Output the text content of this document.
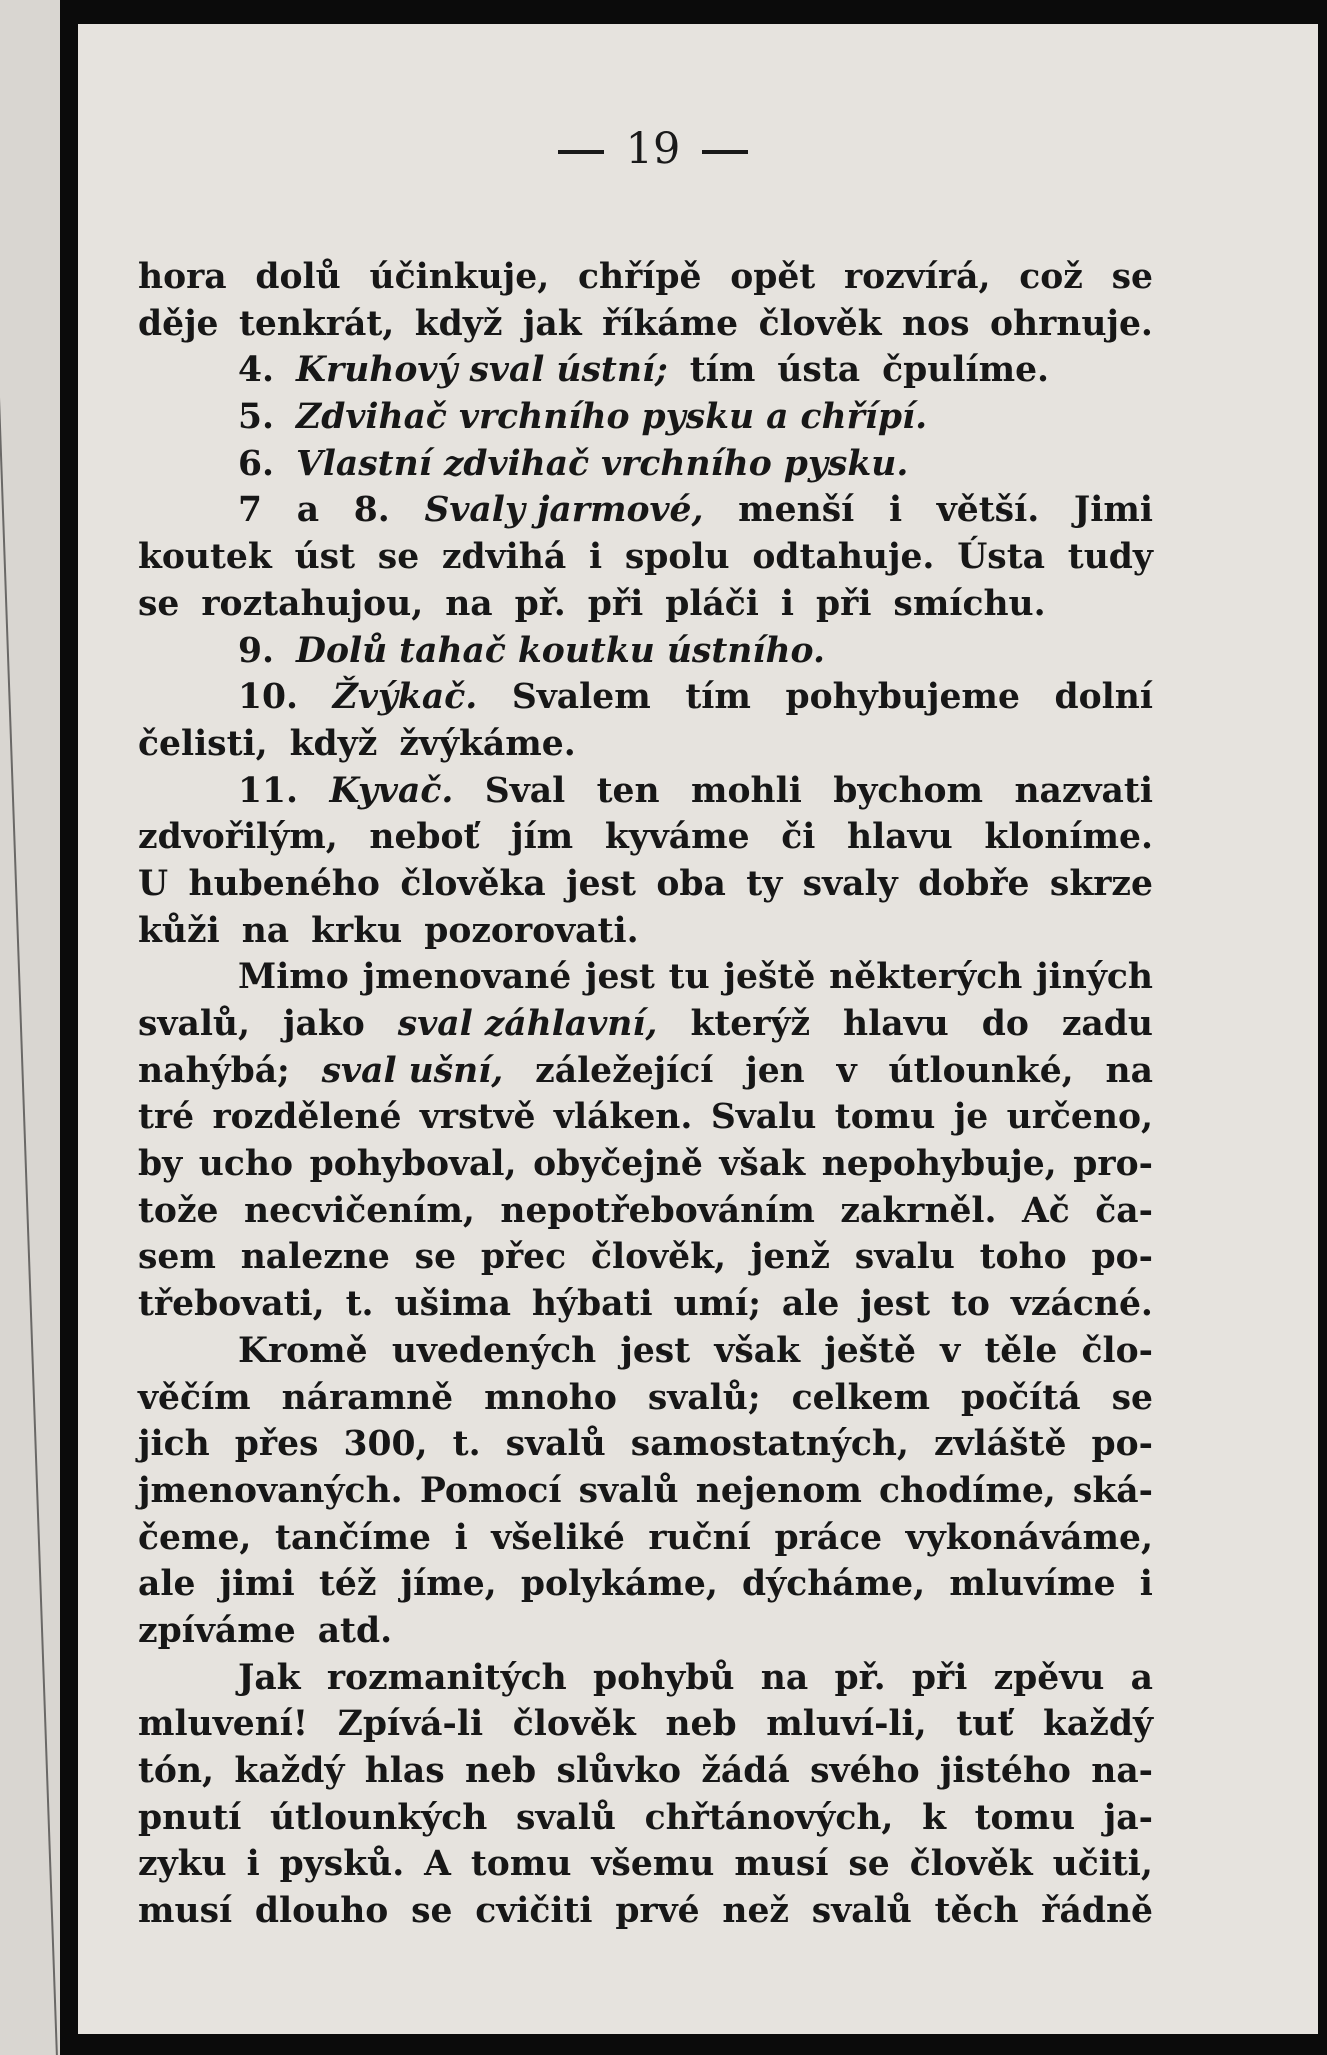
19
hora dolů účinkuje, chřípě opět rozvírá, což se
děje tenkrát, když jak říkáme člověk nos ohrnuje.
4. Kruhový sval ústní; tím ústa čpulíme.
5. Zdvihač vrchního pysku a chřípí.
6. Vlastní zdvihač vrchního pysku.
7 a 8. Svaly jarmové, menší i větší. Jimi
koutek úst se zdvihá i spolu odtahuje. Ústa tudy
se roztahujou, na př. při pláči i při smíchu.
9. Dolů tahač koutku ústního.
10. Žvýkač. Svalem tím pohybujeme dolní
čelisti, když žvýkáme.
11. Kyvač. Sval ten mohli bychom nazvati
zdvořilým, neboť jím kyváme či hlavu klonímе.
U hubeného člověka jest oba ty svaly dobře skrze
kůži na krku pozorovati.
Mimo jmenované jest tu ještě některých jiných
svalů, jako sval záhlavní, kterýž hlavu do zadu
nahýbá; sval ušní, záležející jen v útlounké, na
tré rozdělené vrstvě vláken. Svalu tomu je určeno,
by ucho pohyboval, obyčejně však nepohybuje, pro-
tože necvičením, nepotřebováním zakrněl. Ač ča-
sem nalezne se přec člověk, jenž svalu toho po-
třebovati, t. ušima hýbati umí; ale jest to vzácné.
Kromě uvedených jest však ještě v těle člo-
věčím náramně mnoho svalů; celkem počítá se
jich přes 300, t. svalů samostatných, zvláště po-
jmenovaných. Pomocí svalů nejenom chodíme, ská-
čeme, tančíme i všeliké ruční práce vykonáváme,
ale jimi též jíme, polykáme, dýcháme, mluvíme i
zpíváme atd.
Jak rozmanitých pohybů na př. při zpěvu a
mluvení! Zpívá-li člověk neb mluví-li, tuť každý
tón, každý hlas neb slůvko žádá svého jistého na-
pnutí útlounkých svalů chřtánových, k tomu ja-
zyku i pysků. A tomu všemu musí se člověk učiti,
musí dlouho se cvičiti prvé než svalů těch řádně
